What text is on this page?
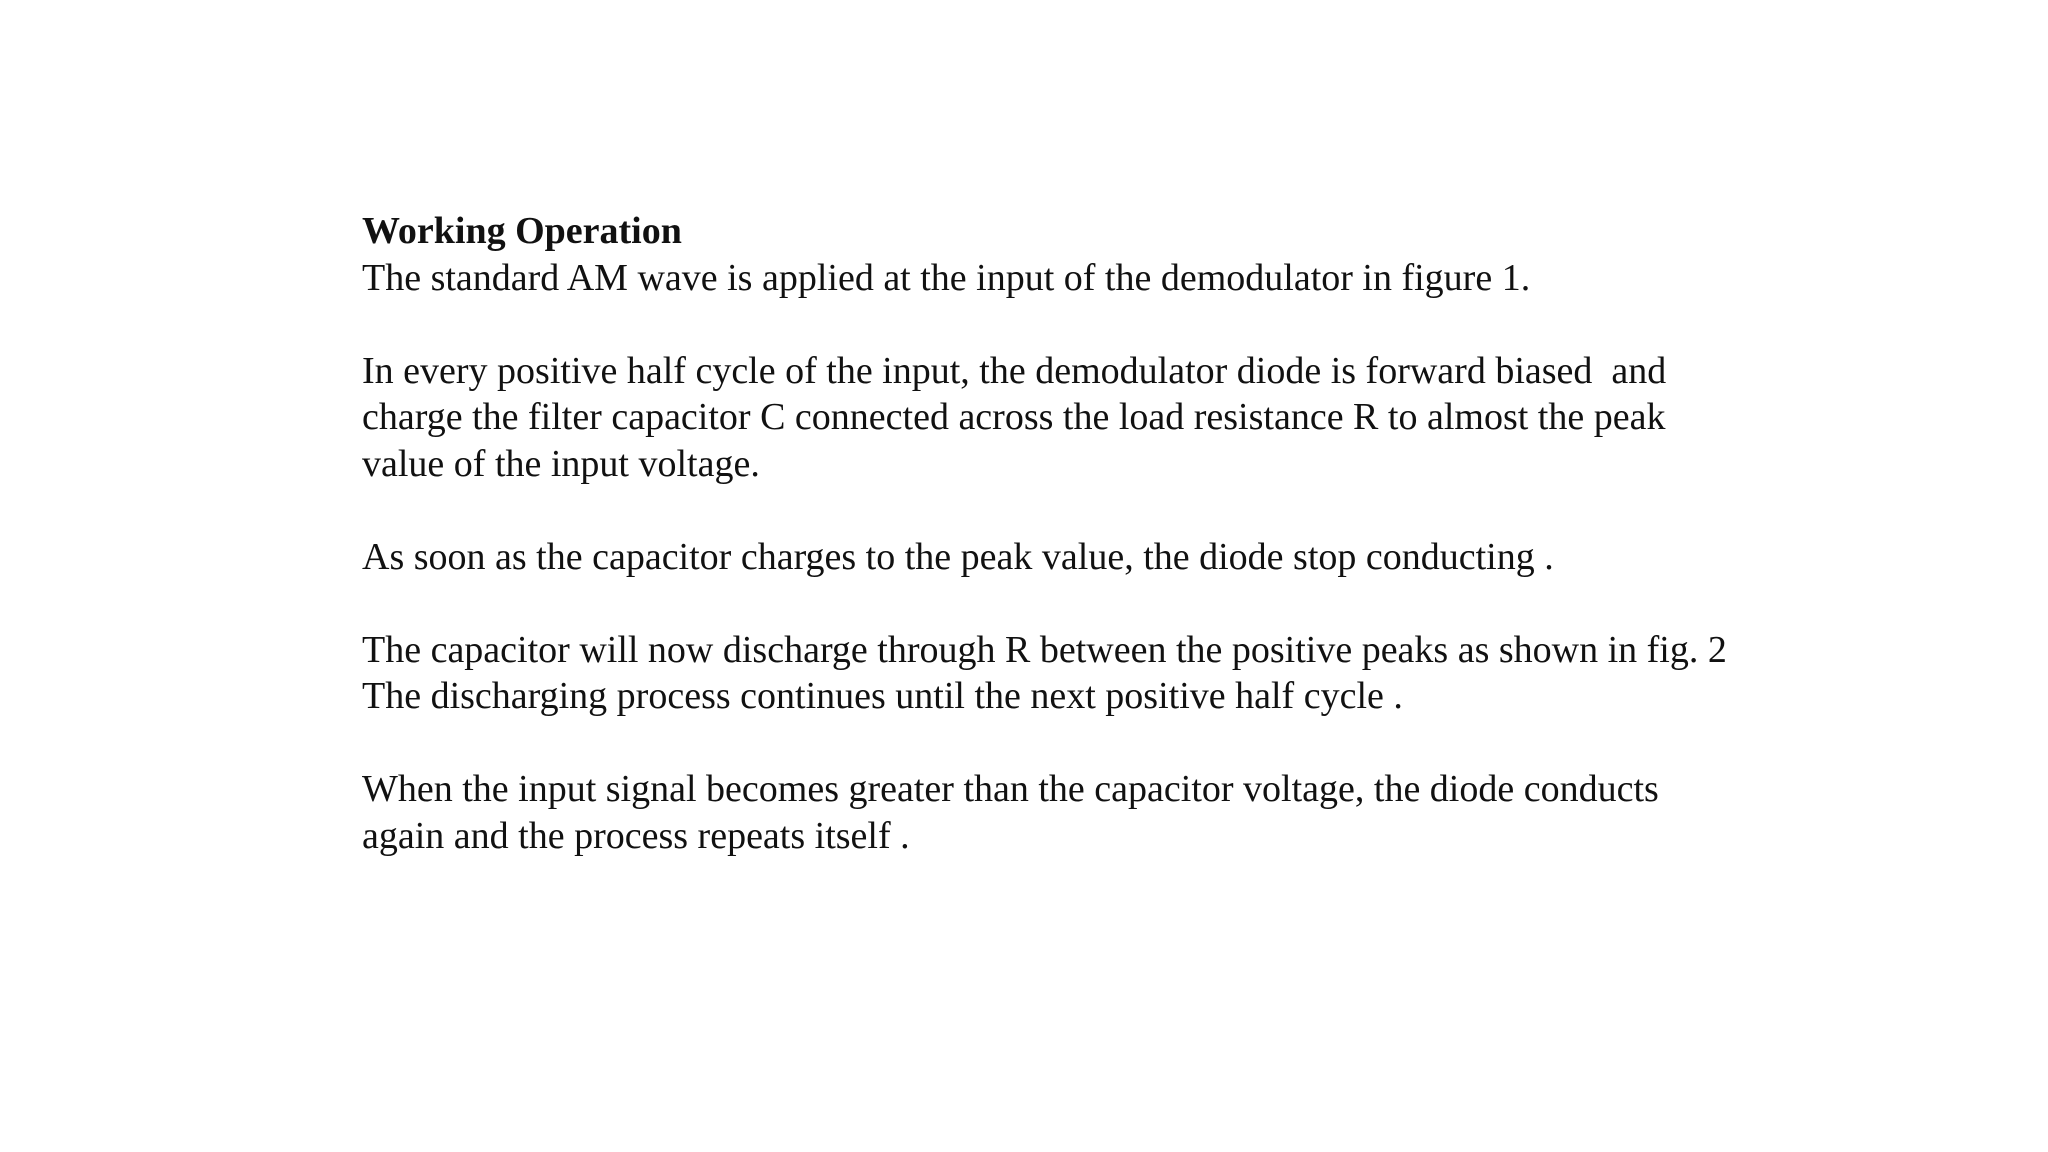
Working Operation
The standard AM wave is applied at the input of the demodulator in figure 1.
In every positive half cycle of the input, the demodulator diode is forward biased  and
charge the filter capacitor C connected across the load resistance R to almost the peak
value of the input voltage.
As soon as the capacitor charges to the peak value, the diode stop conducting .
The capacitor will now discharge through R between the positive peaks as shown in fig. 2
The discharging process continues until the next positive half cycle .
When the input signal becomes greater than the capacitor voltage, the diode conducts
again and the process repeats itself .
